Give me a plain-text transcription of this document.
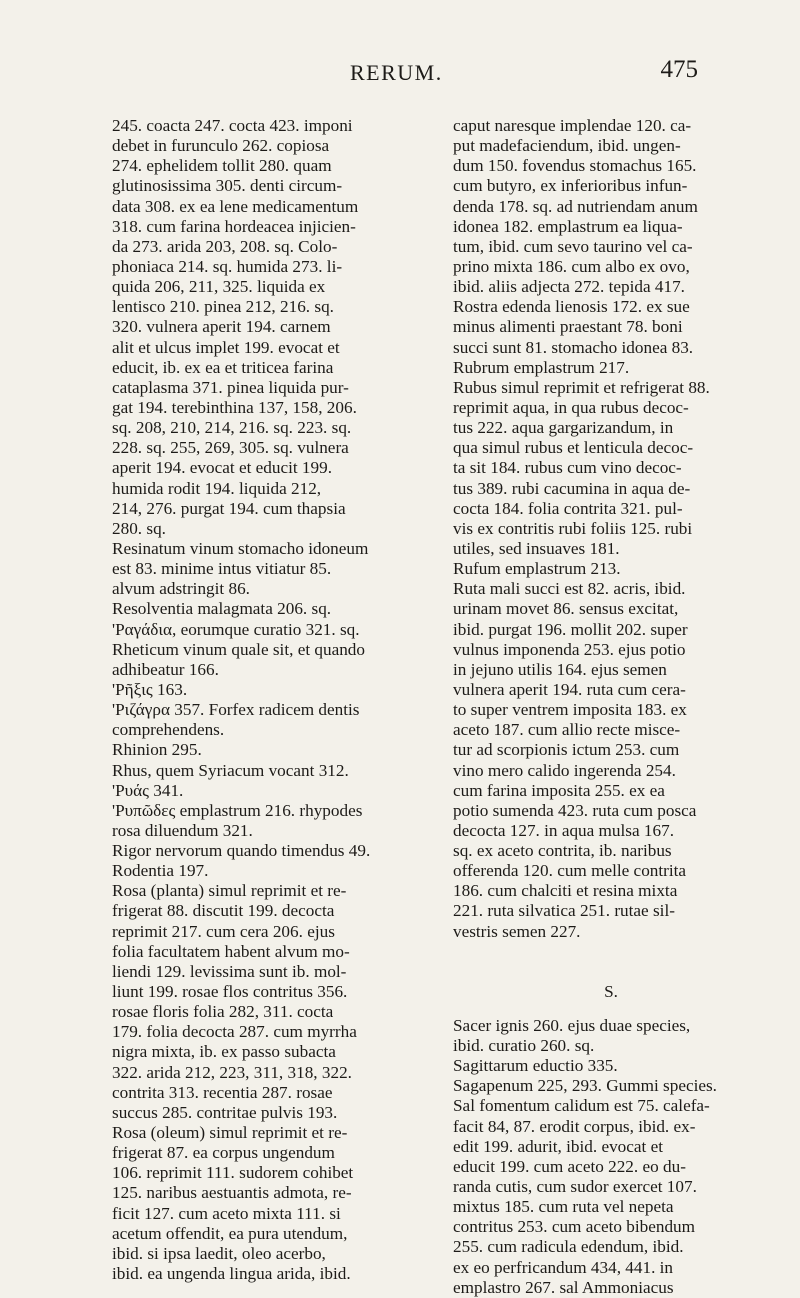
RERUM.	475
245. coacta 247. cocta 423. imponi
debet in furunculo 262. copiosa
274. ephelidem tollit 280. quam
glutinosissima 305. denti circum-
data 308. ex ea lene medicamentum
318. cum farina hordeacea injicien-
da 273. arida 203, 208. sq. Colo-
phoniaca 214. sq. humida 273. li-
quida 206, 211, 325. liquida ex
lentisco 210. pinea 212, 216. sq.
320. vulnera aperit 194. carnem
alit et ulcus implet 199. evocat et
educit, ib. ex ea et triticea farina
cataplasma 371. pinea liquida pur-
gat 194. terebinthina 137, 158, 206.
sq. 208, 210, 214, 216. sq. 223. sq.
228. sq. 255, 269, 305. sq. vulnera
aperit 194. evocat et educit 199.
humida rodit 194. liquida 212,
214, 276. purgat 194. cum thapsia
280. sq.
Resinatum vinum stomacho idoneum
est 83. minime intus vitiatur 85.
alvum adstringit 86.
Resolventia malagmata 206. sq.
'Ραγάδια, eorumque curatio 321. sq.
Rheticum vinum quale sit, et quando
adhibeatur 166.
'Ρῆξις 163.
'Ριζάγρα 357. Forfex radicem dentis
comprehendens.
Rhinion 295.
Rhus, quem Syriacum vocant 312.
'Ρυάς 341.
'Ρυπῶδες emplastrum 216. rhypodes
rosa diluendum 321.
Rigor nervorum quando timendus 49.
Rodentia 197.
Rosa (planta) simul reprimit et re-
frigerat 88. discutit 199. decocta
reprimit 217. cum cera 206. ejus
folia facultatem habent alvum mo-
liendi 129. levissima sunt ib. mol-
liunt 199. rosae flos contritus 356.
rosae floris folia 282, 311. cocta
179. folia decocta 287. cum myrrha
nigra mixta, ib. ex passo subacta
322. arida 212, 223, 311, 318, 322.
contrita 313. recentia 287. rosae
succus 285. contritae pulvis 193.
Rosa (oleum) simul reprimit et re-
frigerat 87. ea corpus ungendum
106. reprimit 111. sudorem cohibet
125. naribus aestuantis admota, re-
ficit 127. cum aceto mixta 111. si
acetum offendit, ea pura utendum,
ibid. si ipsa laedit, oleo acerbo,
ibid. ea ungenda lingua arida, ibid.
caput naresque implendae 120. ca-
put madefaciendum, ibid. ungen-
dum 150. fovendus stomachus 165.
cum butyro, ex inferioribus infun-
denda 178. sq. ad nutriendam anum
idonea 182. emplastrum ea liqua-
tum, ibid. cum sevo taurino vel ca-
prino mixta 186. cum albo ex ovo,
ibid. aliis adjecta 272. tepida 417.
Rostra edenda lienosis 172. ex sue
minus alimenti praestant 78. boni
succi sunt 81. stomacho idonea 83.
Rubrum emplastrum 217.
Rubus simul reprimit et refrigerat 88.
reprimit aqua, in qua rubus decoc-
tus 222. aqua gargarizandum, in
qua simul rubus et lenticula decoc-
ta sit 184. rubus cum vino decoc-
tus 389. rubi cacumina in aqua de-
cocta 184. folia contrita 321. pul-
vis ex contritis rubi foliis 125. rubi
utiles, sed insuaves 181.
Rufum emplastrum 213.
Ruta mali succi est 82. acris, ibid.
urinam movet 86. sensus excitat,
ibid. purgat 196. mollit 202. super
vulnus imponenda 253. ejus potio
in jejuno utilis 164. ejus semen
vulnera aperit 194. ruta cum cera-
to super ventrem imposita 183. ex
aceto 187. cum allio recte misce-
tur ad scorpionis ictum 253. cum
vino mero calido ingerenda 254.
cum farina imposita 255. ex ea
potio sumenda 423. ruta cum posca
decocta 127. in aqua mulsa 167.
sq. ex aceto contrita, ib. naribus
offerenda 120. cum melle contrita
186. cum chalciti et resina mixta
221. ruta silvatica 251. rutae sil-
vestris semen 227.
S.
Sacer ignis 260. ejus duae species,
ibid. curatio 260. sq.
Sagittarum eductio 335.
Sagapenum 225, 293. Gummi species.
Sal fomentum calidum est 75. calefa-
facit 84, 87. erodit corpus, ibid. ex-
edit 199. adurit, ibid. evocat et
educit 199. cum aceto 222. eo du-
randa cutis, cum sudor exercet 107.
mixtus 185. cum ruta vel nepeta
contritus 253. cum aceto bibendum
255. cum radicula edendum, ibid.
ex eo perfricandum 434, 441. in
emplastro 267. sal Ammoniacus
